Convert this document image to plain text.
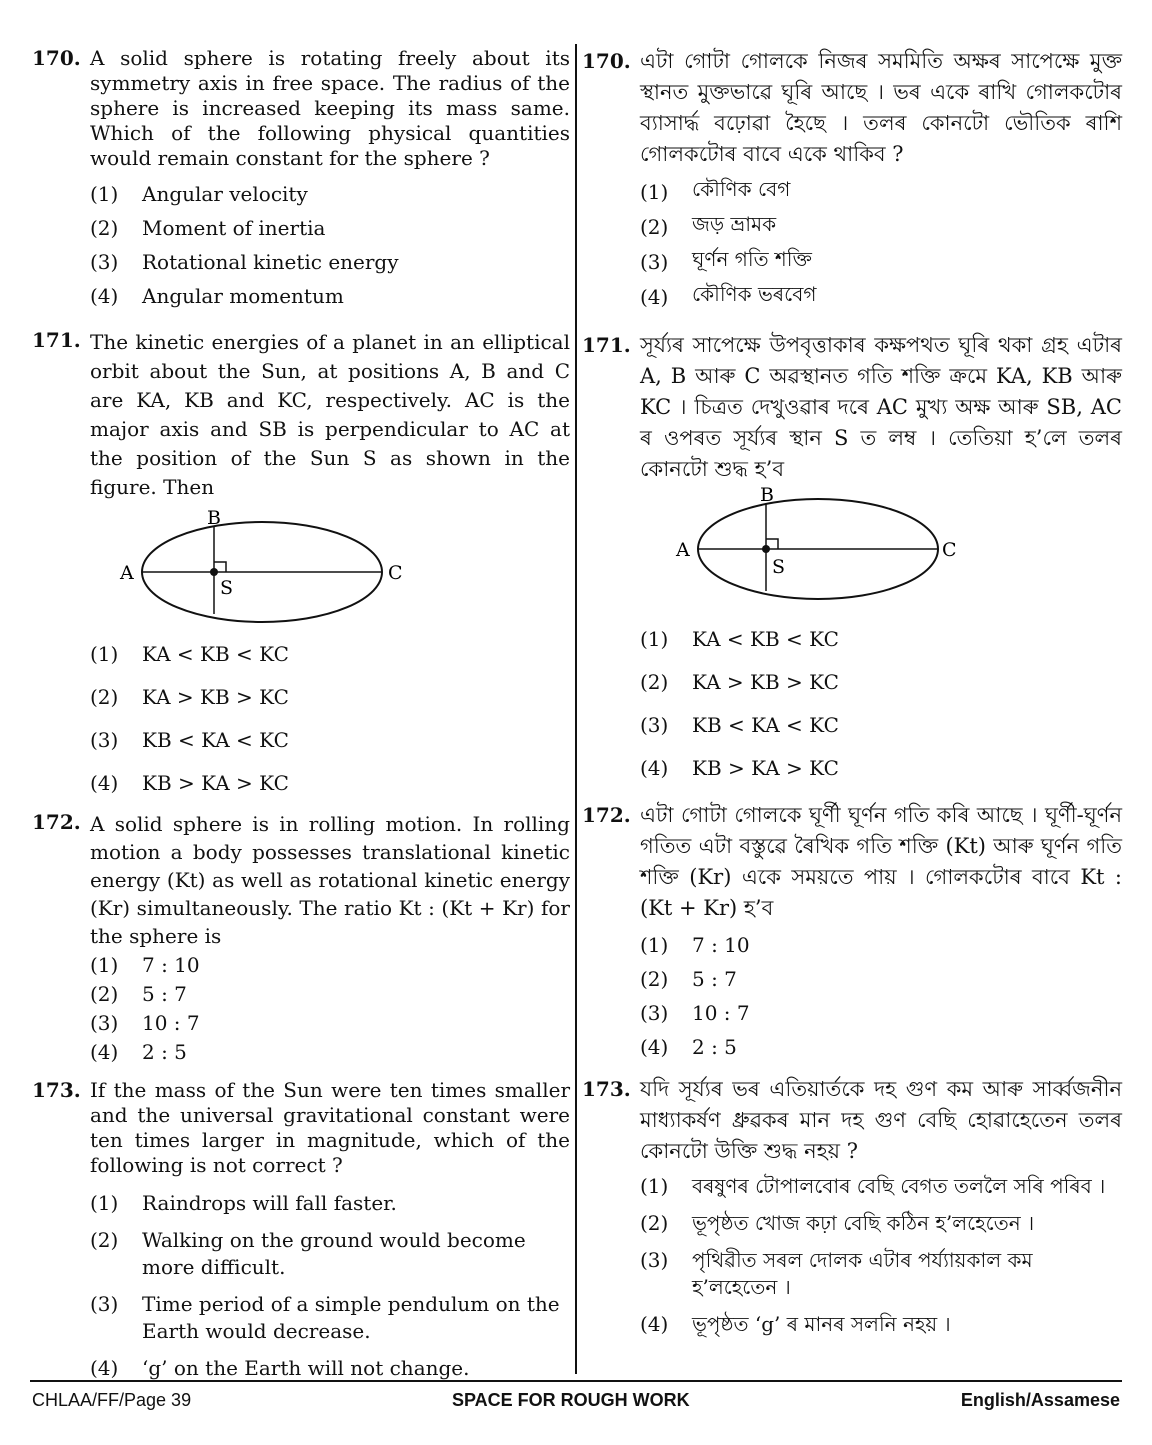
170. A solid sphere is rotating freely about its symmetry axis in free space. The radius of the sphere is increased keeping its mass same. Which of the following physical quantities would remain constant for the sphere ?
(1)	Angular velocity
(2)	Moment of inertia
(3)	Rotational kinetic energy
(4)	Angular momentum
171. The kinetic energies of a planet in an elliptical orbit about the Sun, at positions A, B and C are KA, KB and KC, respectively. AC is the major axis and SB is perpendicular to AC at the position of the Sun S as shown in the figure. Then
A
B
C
S
(1)	KA < KB < KC
(2)	KA > KB > KC
(3)	KB < KA < KC
(4)	KB > KA > KC
172. A solid sphere is in rolling motion. In rolling motion a body possesses translational kinetic energy (Kt) as well as rotational kinetic energy (Kr) simultaneously. The ratio Kt : (Kt + Kr) for the sphere is
(1)	7 : 10
(2)	5 : 7
(3)	10 : 7
(4)	2 : 5
173. If the mass of the Sun were ten times smaller and the universal gravitational constant were ten times larger in magnitude, which of the following is not correct ?
(1)	Raindrops will fall faster.
(2)	Walking on the ground would become more difficult.
(3)	Time period of a simple pendulum on the Earth would decrease.
(4)	‘g’ on the Earth will not change.
170. এটা গোটা গোলকে নিজৰ সমমিতি অক্ষৰ সাপেক্ষে মুক্ত স্থানত মুক্তভাৱে ঘূৰি আছে । ভৰ একে ৰাখি গোলকটোৰ ব্যাসাৰ্দ্ধ বঢ়োৱা হৈছে । তলৰ কোনটো ভৌতিক ৰাশি গোলকটোৰ বাবে একে থাকিব ?
(1)	কৌণিক বেগ
(2)	জড় ভ্ৰামক
(3)	ঘূৰ্ণন গতি শক্তি
(4)	কৌণিক ভৰবেগ
171. সূৰ্য্যৰ সাপেক্ষে উপবৃত্তাকাৰ কক্ষপথত ঘূৰি থকা গ্ৰহ এটাৰ A, B আৰু C অৱস্থানত গতি শক্তি ক্ৰমে KA, KB আৰু KC । চিত্ৰত দেখুওৱাৰ দৰে AC মুখ্য অক্ষ আৰু SB, AC ৰ ওপৰত সূৰ্য্যৰ স্থান S ত লম্ব । তেতিয়া হ’লে তলৰ কোনটো শুদ্ধ হ’ব
A
B
C
S
(1)	KA < KB < KC
(2)	KA > KB > KC
(3)	KB < KA < KC
(4)	KB > KA > KC
172. এটা গোটা গোলকে ঘূৰ্ণী ঘূৰ্ণন গতি কৰি আছে । ঘূৰ্ণী-ঘূৰ্ণন গতিত এটা বস্তুৱে ৰৈখিক গতি শক্তি (Kt) আৰু ঘূৰ্ণন গতি শক্তি (Kr) একে সময়তে পায় । গোলকটোৰ বাবে Kt : (Kt + Kr) হ’ব
(1)	7 : 10
(2)	5 : 7
(3)	10 : 7
(4)	2 : 5
173. যদি সূৰ্য্যৰ ভৰ এতিয়াৰ্তকে দহ গুণ কম আৰু সাৰ্ব্বজনীন মাধ্যাকৰ্ষণ ধ্ৰুৱকৰ মান দহ গুণ বেছি হোৱাহেতেন তলৰ কোনটো উক্তি শুদ্ধ নহয় ?
(1)	বৰষুণৰ টোপালবোৰ বেছি বেগত তললৈ সৰি পৰিব ।
(2)	ভূপৃষ্ঠত খোজ কঢ়া বেছি কঠিন হ’লহেতেন ।
(3)	পৃথিৱীত সৰল দোলক এটাৰ পৰ্য্যায়কাল কম হ’লহেতেন ।
(4)	ভূপৃষ্ঠত ‘g’ ৰ মানৰ সলনি নহয় ।
CHLAA/FF/Page 39	SPACE FOR ROUGH WORK	English/Assamese
